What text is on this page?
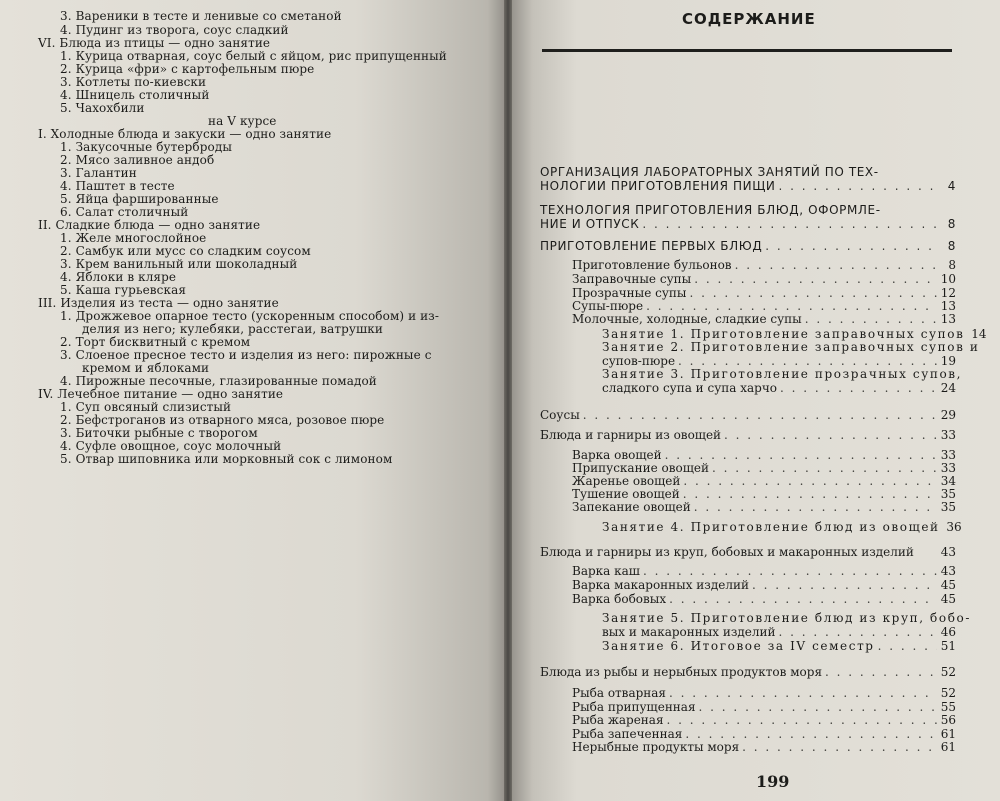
3. Вареники в тесте и ленивые со сметаной
4. Пудинг из творога, соус сладкий
VI. Блюда из птицы — одно занятие
1. Курица отварная, соус белый с яйцом, рис припущенный
2. Курица «фри» с картофельным пюре
3. Котлеты по-киевски
4. Шницель столичный
5. Чахохбили
на V курсе
I. Холодные блюда и закуски — одно занятие
1. Закусочные бутерброды
2. Мясо заливное андоб
3. Галантин
4. Паштет в тесте
5. Яйца фаршированные
6. Салат столичный
II. Сладкие блюда — одно занятие
1. Желе многослойное
2. Самбук или мусс со сладким соусом
3. Крем ванильный или шоколадный
4. Яблоки в кляре
5. Каша гурьевская
III. Изделия из теста — одно занятие
1. Дрожжевое опарное тесто (ускоренным способом) и из-
делия из него; кулебяки, расстегаи, ватрушки
2. Торт бисквитный с кремом
3. Слоеное пресное тесто и изделия из него: пирожные с
кремом и яблоками
4. Пирожные песочные, глазированные помадой
IV. Лечебное питание — одно занятие
1. Суп овсяный слизистый
2. Бефстроганов из отварного мяса, розовое пюре
3. Биточки рыбные с творогом
4. Суфле овощное, соус молочный
5. Отвар шиповника или морковный сок с лимоном
СОДЕРЖАНИЕ
ОРГАНИЗАЦИЯ ЛАБОРАТОРНЫХ ЗАНЯТИЙ ПО ТЕХ-
НОЛОГИИ ПРИГОТОВЛЕНИЯ ПИЩИ . . .	4
ТЕХНОЛОГИЯ ПРИГОТОВЛЕНИЯ БЛЮД, ОФОРМЛЕ-
НИЕ И ОТПУСК . . .	8
ПРИГОТОВЛЕНИЕ ПЕРВЫХ БЛЮД . . .	8
Приготовление бульонов . . .	8
Заправочные супы . . .	10
Прозрачные супы . . .	12
Супы-пюре . . .	13
Молочные, холодные, сладкие супы . . .	13
Занятие 1. Приготовление заправочных супов 14
Занятие 2. Приготовление заправочных супов и
супов-пюре . . .	19
Занятие 3. Приготовление прозрачных супов,
сладкого супа и супа харчо . . .	24
Соусы . . .	29
Блюда и гарниры из овощей . . .	33
Варка овощей . . .	33
Припускание овощей . . .	33
Жаренье овощей . . .	34
Тушение овощей . . .	35
Запекание овощей . . .	35
Занятие 4. Приготовление блюд из овощей 36
Блюда и гарниры из круп, бобовых и макаронных изделий 43
Варка каш . . .	43
Варка макаронных изделий . . .	45
Варка бобовых . . .	45
Занятие 5. Приготовление блюд из круп, бобо-
вых и макаронных изделий . . .	46
Занятие 6. Итоговое за IV семестр . . .	51
Блюда из рыбы и нерыбных продуктов моря . . .	52
Рыба отварная . . .	52
Рыба припущенная . . .	55
Рыба жареная . . .	56
Рыба запеченная . . .	61
Нерыбные продукты моря . . .	61
199
